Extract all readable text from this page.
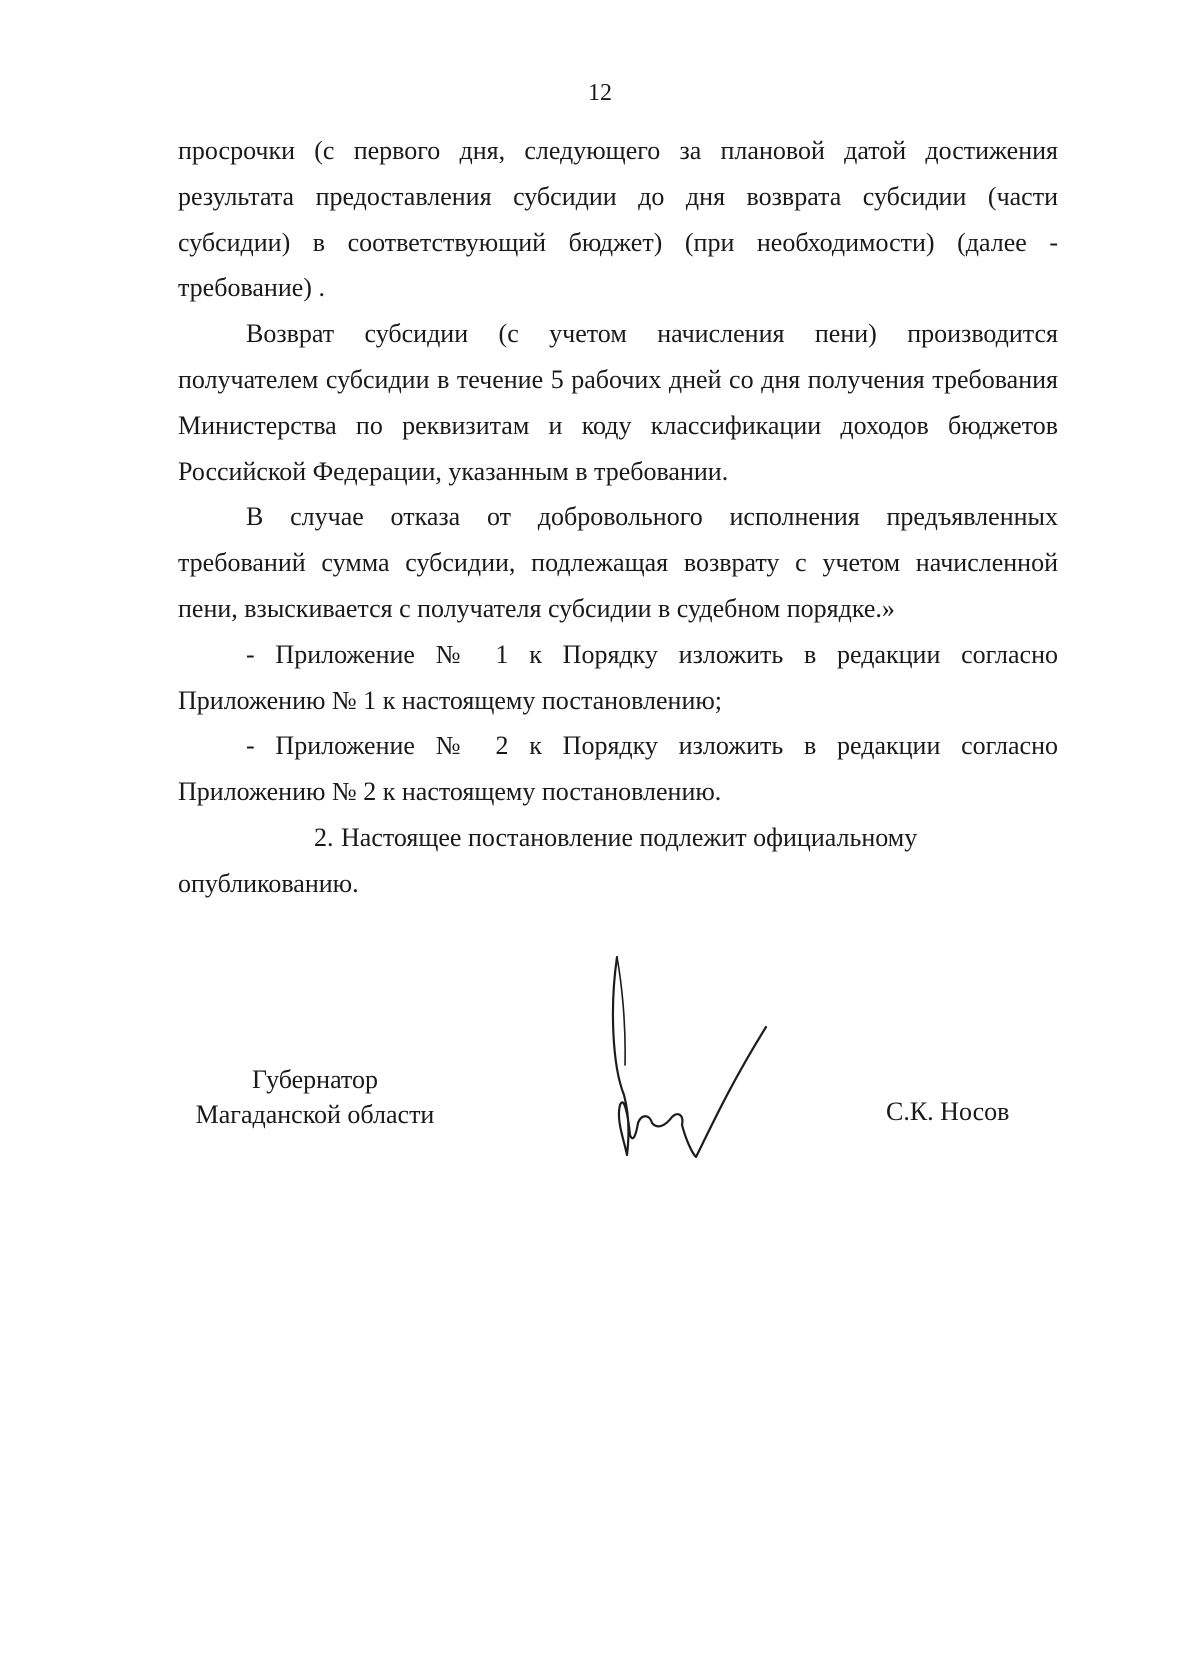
12

просрочки (с первого дня, следующего за плановой датой достижения результата предоставления субсидии до дня возврата субсидии (части субсидии) в соответствующий бюджет) (при необходимости) (далее - требование) .

Возврат субсидии (с учетом начисления пени) производится получателем субсидии в течение 5 рабочих дней со дня получения требования Министерства по реквизитам и коду классификации доходов бюджетов Российской Федерации, указанным в требовании.

В случае отказа от добровольного исполнения предъявленных требований сумма субсидии, подлежащая возврату с учетом начисленной пени, взыскивается с получателя субсидии в судебном порядке.»

- Приложение № 1 к Порядку изложить в редакции согласно Приложению № 1 к настоящему постановлению;

- Приложение № 2 к Порядку изложить в редакции согласно Приложению № 2 к настоящему постановлению.

2. Настоящее постановление подлежит официальному

опубликованию.

Губернатор
Магаданской области	С.К. Носов
